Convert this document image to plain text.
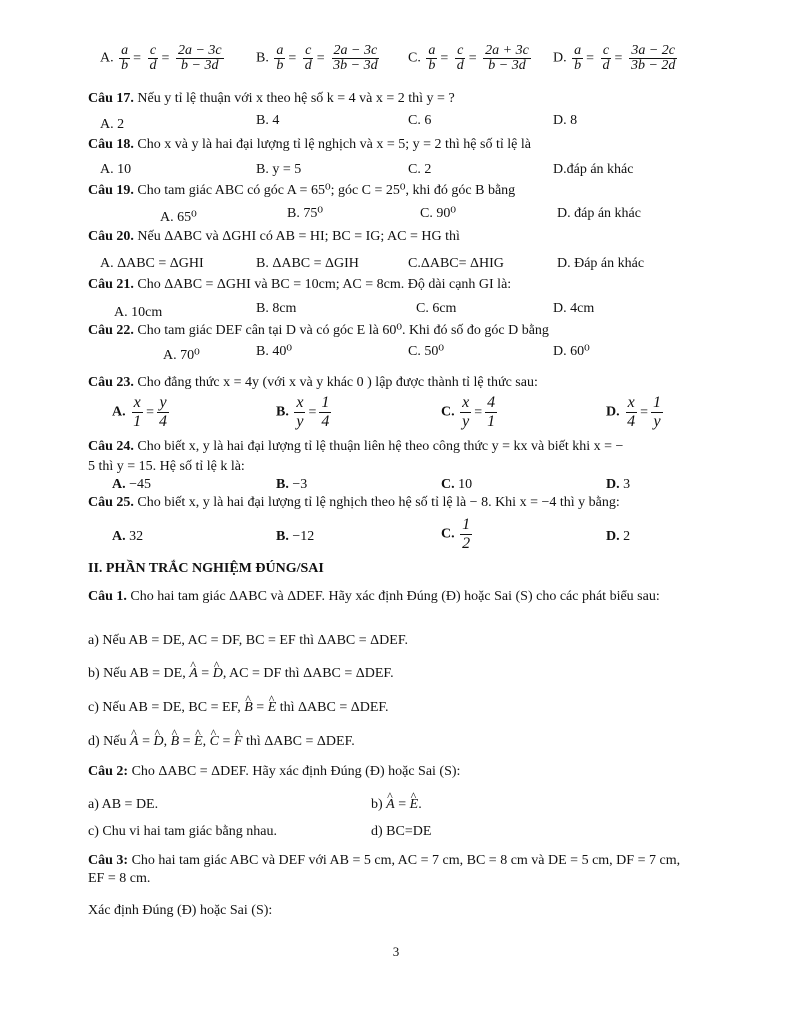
A. $\frac{a}{b} = \frac{c}{d} = \frac{2a - 3c}{b - 3d} B$. $\frac{a}{b} = \frac{c}{d} = \frac{2a - 3c}{3b - 3d} C$. $\frac{a}{b} = \frac{c}{d} = \frac{2a + 3c}{b - 3d} D$. $\frac{a}{b} = \frac{c}{d} = \frac{3a - 2c}{3b - 2d}$
Câu 17. Nếu y tỉ lệ thuận với x theo hệ số k = 4 và x = 2 thì y = ?
A. 2	B. 4	C. 6	D. 8
Câu 18. Cho x và y là hai đại lượng tỉ lệ nghịch và x = 5; y = 2 thì hệ số tỉ lệ là
A. 10	B. y = 5	C. 2	D.đáp án khác
Câu 19. Cho tam giác ABC có góc A = 65⁰; góc C = 25⁰, khi đó góc B bằng
A. 65⁰	B. 75⁰	C. 90⁰	D. đáp án khác
Câu 20. Nếu ΔABC và ΔGHI có AB = HI; BC = IG; AC = HG thì
A. ΔABC = ΔGHI	B. ΔABC = ΔGIH	C.ΔABC= ΔHIG	D. Đáp án khác
Câu 21. Cho ΔABC = ΔGHI và BC = 10cm; AC = 8cm. Độ dài cạnh GI là:
A. 10cm	B. 8cm	C. 6cm	D. 4cm
Câu 22. Cho tam giác DEF cân tại D và có góc E là 60⁰. Khi đó số đo góc D bằng
A. 70⁰	B. 40⁰	C. 50⁰	D. 60⁰
Câu 23. Cho đẳng thức x = 4y (với x và y khác 0 ) lập được thành tỉ lệ thức sau:
A. $\frac{x}{1} = \frac{y}{4}$	B. $\frac{x}{y} = \frac{1}{4}$	C. $\frac{x}{y} = \frac{4}{1}$	D. $\frac{x}{4} = \frac{1}{y}$
Câu 24. Cho biết x, y là hai đại lượng tỉ lệ thuận liên hệ theo công thức y = kx và biết khi x = −
5 thì y = 15. Hệ số tỉ lệ k là:
A. −45	B. −3	C. 10	D. 3
Câu 25. Cho biết x, y là hai đại lượng tỉ lệ nghịch theo hệ số tỉ lệ là − 8. Khi x = −4 thì y bằng:
A. 32	B. −12	C. $\frac{1}{2}$	D. 2
II. PHẦN TRẮC NGHIỆM ĐÚNG/SAI
Câu 1. Cho hai tam giác ΔABC và ΔDEF. Hãy xác định Đúng (Đ) hoặc Sai (S) cho các phát biểu sau:
a) Nếu AB = DE, AC = DF, BC = EF thì ΔABC = ΔDEF.
b) Nếu AB = DE, ^ A = ^ D, AC = DF thì ΔABC = ΔDEF.
c) Nếu AB = DE, BC = EF, ^ B = ^ E thì ΔABC = ΔDEF.
d) Nếu ^ A = ^ D, ^ B = ^ E, ^ C = ^ F thì ΔABC = ΔDEF.
Câu 2: Cho ΔABC = ΔDEF. Hãy xác định Đúng (Đ) hoặc Sai (S):
a) AB = DE.	b) ^ A = ^ E.
c) Chu vi hai tam giác bằng nhau.	d) BC=DE
Câu 3: Cho hai tam giác ABC và DEF với AB = 5 cm, AC = 7 cm, BC = 8 cm và DE = 5 cm, DF = 7 cm, EF = 8 cm.
Xác định Đúng (Đ) hoặc Sai (S):
3
